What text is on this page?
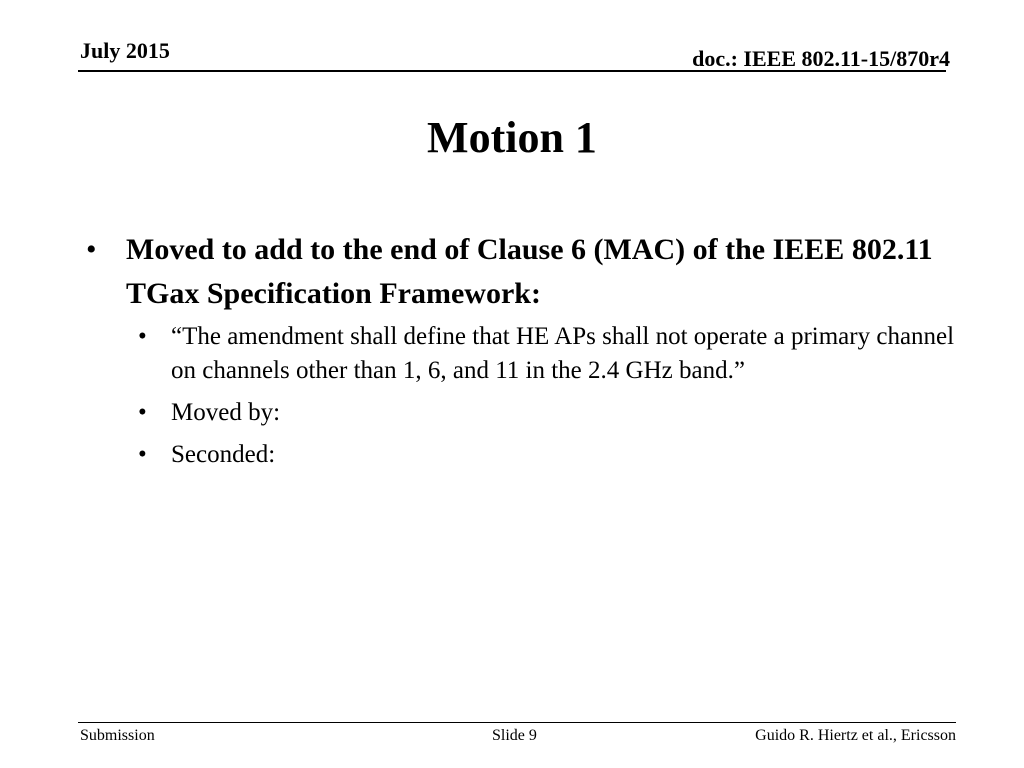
July 2015	doc.: IEEE 802.11-15/870r4
Motion 1
• Moved to add to the end of Clause 6 (MAC) of the IEEE 802.11 TGax Specification Framework:
• “The amendment shall define that HE APs shall not operate a primary channel on channels other than 1, 6, and 11 in the 2.4 GHz band.”
• Moved by:
• Seconded:
Submission	Slide 9	Guido R. Hiertz et al., Ericsson
